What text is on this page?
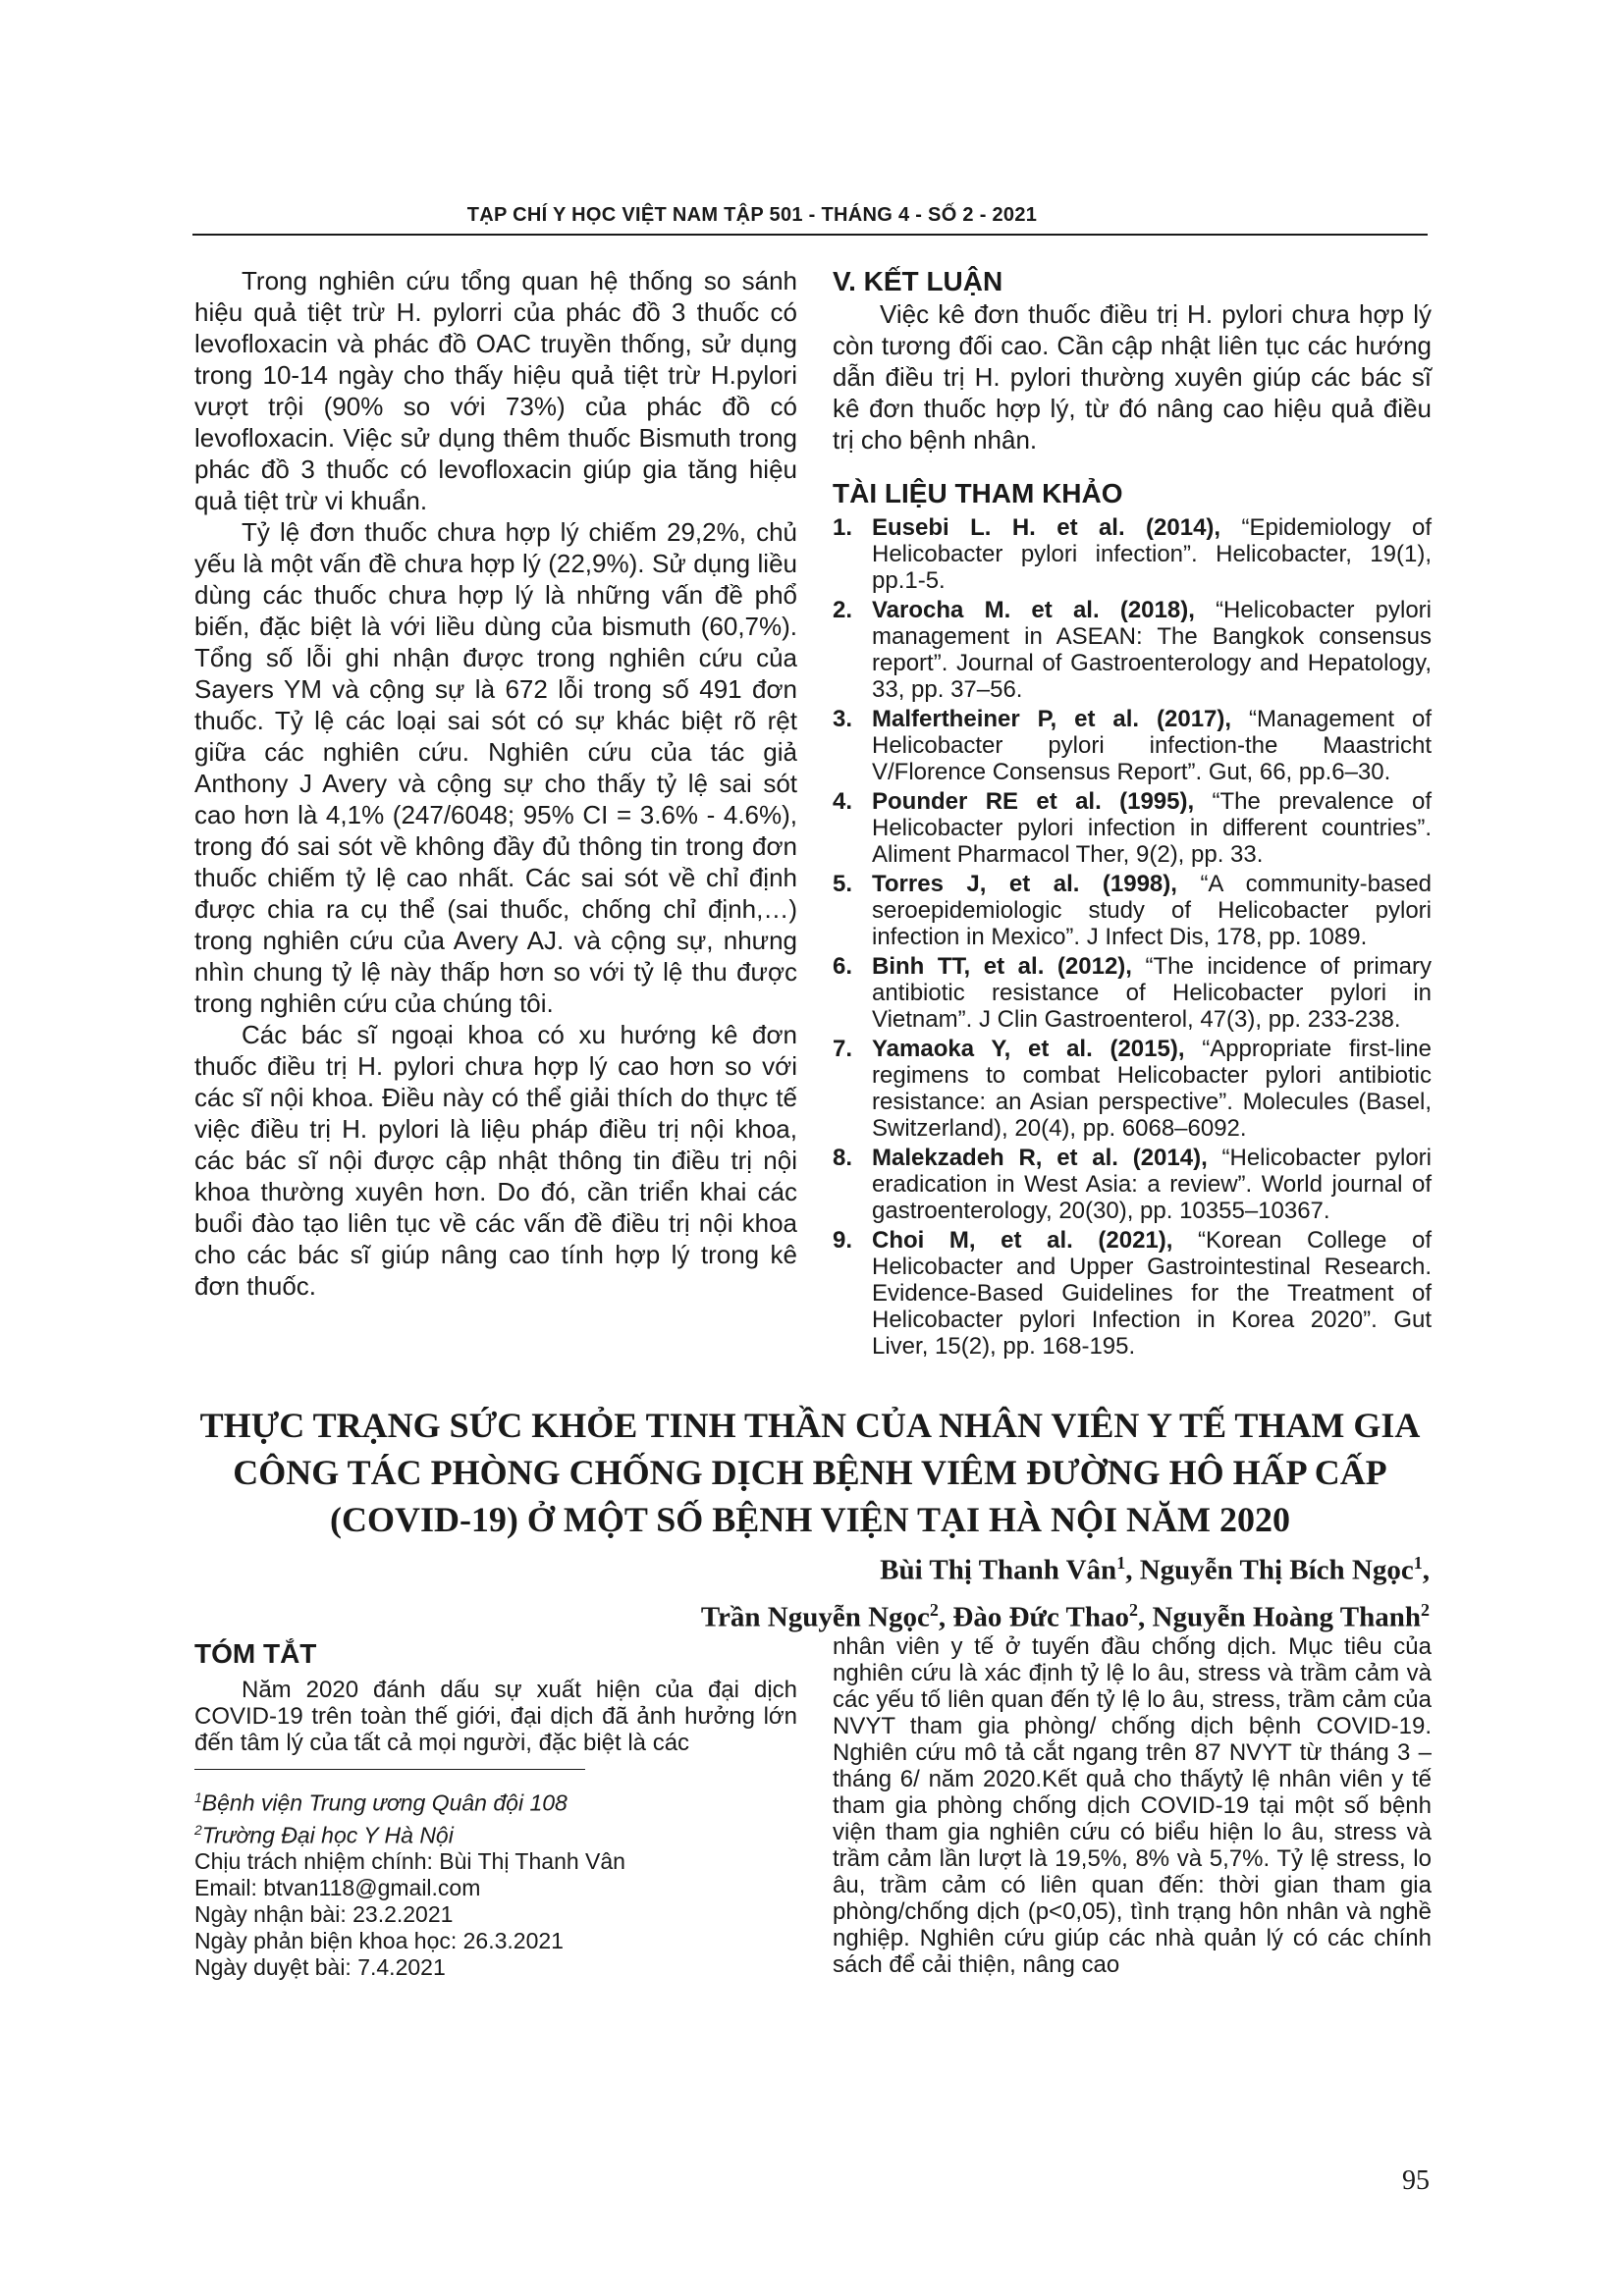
TẠP CHÍ Y HỌC VIỆT NAM TẬP 501 - THÁNG 4 - SỐ 2 - 2021

Trong nghiên cứu tổng quan hệ thống so sánh hiệu quả tiệt trừ H. pylorri của phác đồ 3 thuốc có levofloxacin và phác đồ OAC truyền thống, sử dụng trong 10-14 ngày cho thấy hiệu quả tiệt trừ H.pylori vượt trội (90% so với 73%) của phác đồ có levofloxacin. Việc sử dụng thêm thuốc Bismuth trong phác đồ 3 thuốc có levofloxacin giúp gia tăng hiệu quả tiệt trừ vi khuẩn.

Tỷ lệ đơn thuốc chưa hợp lý chiếm 29,2%, chủ yếu là một vấn đề chưa hợp lý (22,9%). Sử dụng liều dùng các thuốc chưa hợp lý là những vấn đề phổ biến, đặc biệt là với liều dùng của bismuth (60,7%). Tổng số lỗi ghi nhận được trong nghiên cứu của Sayers YM và cộng sự là 672 lỗi trong số 491 đơn thuốc. Tỷ lệ các loại sai sót có sự khác biệt rõ rệt giữa các nghiên cứu. Nghiên cứu của tác giả Anthony J Avery và cộng sự cho thấy tỷ lệ sai sót cao hơn là 4,1% (247/6048; 95% CI = 3.6% - 4.6%), trong đó sai sót về không đầy đủ thông tin trong đơn thuốc chiếm tỷ lệ cao nhất. Các sai sót về chỉ định được chia ra cụ thể (sai thuốc, chống chỉ định,…) trong nghiên cứu của Avery AJ. và cộng sự, nhưng nhìn chung tỷ lệ này thấp hơn so với tỷ lệ thu được trong nghiên cứu của chúng tôi.

Các bác sĩ ngoại khoa có xu hướng kê đơn thuốc điều trị H. pylori chưa hợp lý cao hơn so với các sĩ nội khoa. Điều này có thể giải thích do thực tế việc điều trị H. pylori là liệu pháp điều trị nội khoa, các bác sĩ nội được cập nhật thông tin điều trị nội khoa thường xuyên hơn. Do đó, cần triển khai các buổi đào tạo liên tục về các vấn đề điều trị nội khoa cho các bác sĩ giúp nâng cao tính hợp lý trong kê đơn thuốc.

V. KẾT LUẬN

Việc kê đơn thuốc điều trị H. pylori chưa hợp lý còn tương đối cao. Cần cập nhật liên tục các hướng dẫn điều trị H. pylori thường xuyên giúp các bác sĩ kê đơn thuốc hợp lý, từ đó nâng cao hiệu quả điều trị cho bệnh nhân.

TÀI LIỆU THAM KHẢO
1. Eusebi L. H. et al. (2014), “Epidemiology of Helicobacter pylori infection”. Helicobacter, 19(1), pp.1-5.
2. Varocha M. et al. (2018), “Helicobacter pylori management in ASEAN: The Bangkok consensus report”. Journal of Gastroenterology and Hepatology, 33, pp. 37–56.
3. Malfertheiner P, et al. (2017), “Management of Helicobacter pylori infection-the Maastricht V/Florence Consensus Report”. Gut, 66, pp.6–30.
4. Pounder RE et al. (1995), “The prevalence of Helicobacter pylori infection in different countries”. Aliment Pharmacol Ther, 9(2), pp. 33.
5. Torres J, et al. (1998), “A community-based seroepidemiologic study of Helicobacter pylori infection in Mexico”. J Infect Dis, 178, pp. 1089.
6. Binh TT, et al. (2012), “The incidence of primary antibiotic resistance of Helicobacter pylori in Vietnam”. J Clin Gastroenterol, 47(3), pp. 233-238.
7. Yamaoka Y, et al. (2015), “Appropriate first-line regimens to combat Helicobacter pylori antibiotic resistance: an Asian perspective”. Molecules (Basel, Switzerland), 20(4), pp. 6068–6092.
8. Malekzadeh R, et al. (2014), “Helicobacter pylori eradication in West Asia: a review”. World journal of gastroenterology, 20(30), pp. 10355–10367.
9. Choi M, et al. (2021), “Korean College of Helicobacter and Upper Gastrointestinal Research. Evidence-Based Guidelines for the Treatment of Helicobacter pylori Infection in Korea 2020”. Gut Liver, 15(2), pp. 168-195.
THỰC TRẠNG SỨC KHỎE TINH THẦN CỦA NHÂN VIÊN Y TẾ THAM GIA
CÔNG TÁC PHÒNG CHỐNG DỊCH BỆNH VIÊM ĐƯỜNG HÔ HẤP CẤP
(COVID-19) Ở MỘT SỐ BỆNH VIỆN TẠI HÀ NỘI NĂM 2020
Bùi Thị Thanh Vân$^1$, Nguyễn Thị Bích Ngọc$^1$,
Trần Nguyễn Ngọc$^2$, Đào Đức Thao$^2$, Nguyễn Hoàng Thanh$^2$
TÓM TẮT

Năm 2020 đánh dấu sự xuất hiện của đại dịch COVID-19 trên toàn thế giới, đại dịch đã ảnh hưởng lớn đến tâm lý của tất cả mọi người, đặc biệt là các

nhân viên y tế ở tuyến đầu chống dịch. Mục tiêu của nghiên cứu là xác định tỷ lệ lo âu, stress và trầm cảm và các yếu tố liên quan đến tỷ lệ lo âu, stress, trầm cảm của NVYT tham gia phòng/ chống dịch bệnh COVID-19. Nghiên cứu mô tả cắt ngang trên 87 NVYT từ tháng 3 – tháng 6/ năm 2020.Kết quả cho thấytỷ lệ nhân viên y tế tham gia phòng chống dịch COVID-19 tại một số bệnh viện tham gia nghiên cứu có biểu hiện lo âu, stress và trầm cảm lần lượt là 19,5%, 8% và 5,7%. Tỷ lệ stress, lo âu, trầm cảm có liên quan đến: thời gian tham gia phòng/chống dịch (p<0,05), tình trạng hôn nhân và nghề nghiệp. Nghiên cứu giúp các nhà quản lý có các chính sách để cải thiện, nâng cao

$^1$Bệnh viện Trung ương Quân đội 108
$^2$Trường Đại học Y Hà Nội
Chịu trách nhiệm chính: Bùi Thị Thanh Vân
Email: btvan118@gmail.com
Ngày nhận bài: 23.2.2021
Ngày phản biện khoa học: 26.3.2021
Ngày duyệt bài: 7.4.2021
95
